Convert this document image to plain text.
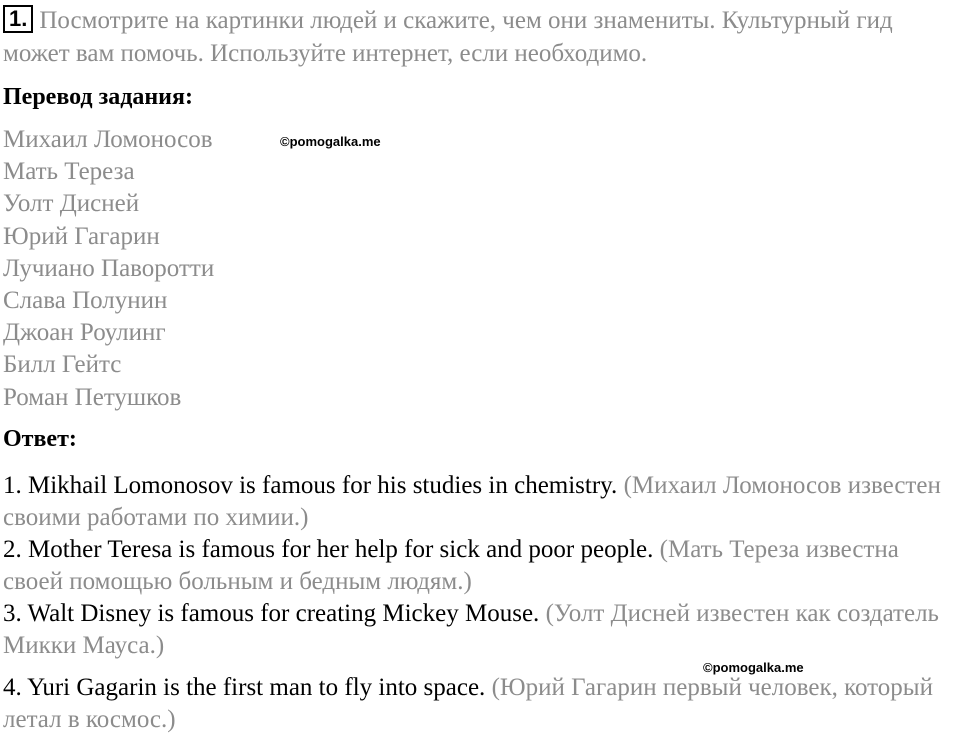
1. Посмотрите на картинки людей и скажите, чем они знамениты. Культурный гид может вам помочь. Используйте интернет, если необходимо.

Перевод задания:

Михаил Ломоносов
Мать Тереза
Уолт Дисней
Юрий Гагарин
Лучиано Паворотти
Слава Полунин
Джоан Роулинг
Билл Гейтс
Роман Петушков
©pomogalka.me

Ответ:

1. Mikhail Lomonosov is famous for his studies in chemistry. (Михаил Ломоносов известен своими работами по химии.)
2. Mother Teresa is famous for her help for sick and poor people. (Мать Тереза известна своей помощью больным и бедным людям.)
3. Walt Disney is famous for creating Mickey Mouse. (Уолт Дисней известен как создатель Микки Мауса.)
4. Yuri Gagarin is the first man to fly into space. (Юрий Гагарин первый человек, который летал в космос.)
©pomogalka.me
